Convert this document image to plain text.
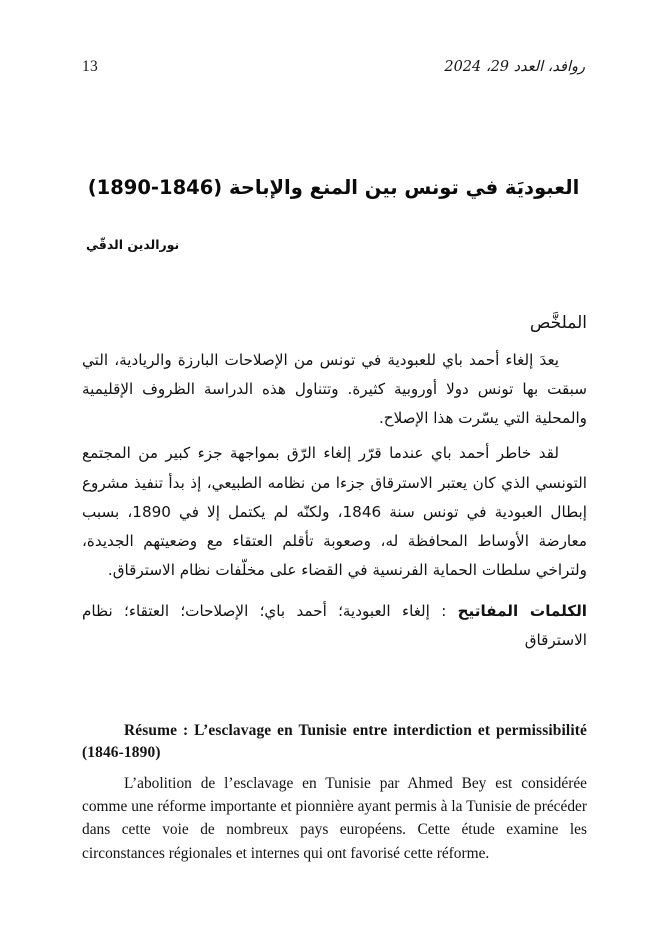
13	روافد، العدد 29، 2024
العبوديَة في تونس بين المنع والإباحة (1846-1890)
نورالدين الدقّي
الملخَّص

يعدَ إلغاء أحمد باي للعبودية في تونس من الإصلاحات البارزة والريادية، التي سبقت بها تونس دولا أوروبية كثيرة. وتتناول هذه الدراسة الظروف الإقليمية والمحلية التي يسّرت هذا الإصلاح.

لقد خاطر أحمد باي عندما قرّر إلغاء الرّق بمواجهة جزء كبير من المجتمع التونسي الذي كان يعتبر الاسترقاق جزءا من نظامه الطبيعي، إذ بدأ تنفيذ مشروع إبطال العبودية في تونس سنة 1846، ولكنّه لم يكتمل إلا في 1890، بسبب معارضة الأوساط المحافظة له، وصعوبة تأقلم العتقاء مع وضعيتهم الجديدة، ولتراخي سلطات الحماية الفرنسية في القضاء على مخلّفات نظام الاسترقاق.

الكلمات المفاتيح : إلغاء العبودية؛ أحمد باي؛ الإصلاحات؛ العتقاء؛ نظام الاسترقاق

Résume : L’esclavage en Tunisie entre interdiction et permissibilité (1846-1890)

L’abolition de l’esclavage en Tunisie par Ahmed Bey est considérée comme une réforme importante et pionnière ayant permis à la Tunisie de précéder dans cette voie de nombreux pays européens. Cette étude examine les circonstances régionales et internes qui ont favorisé cette réforme.
